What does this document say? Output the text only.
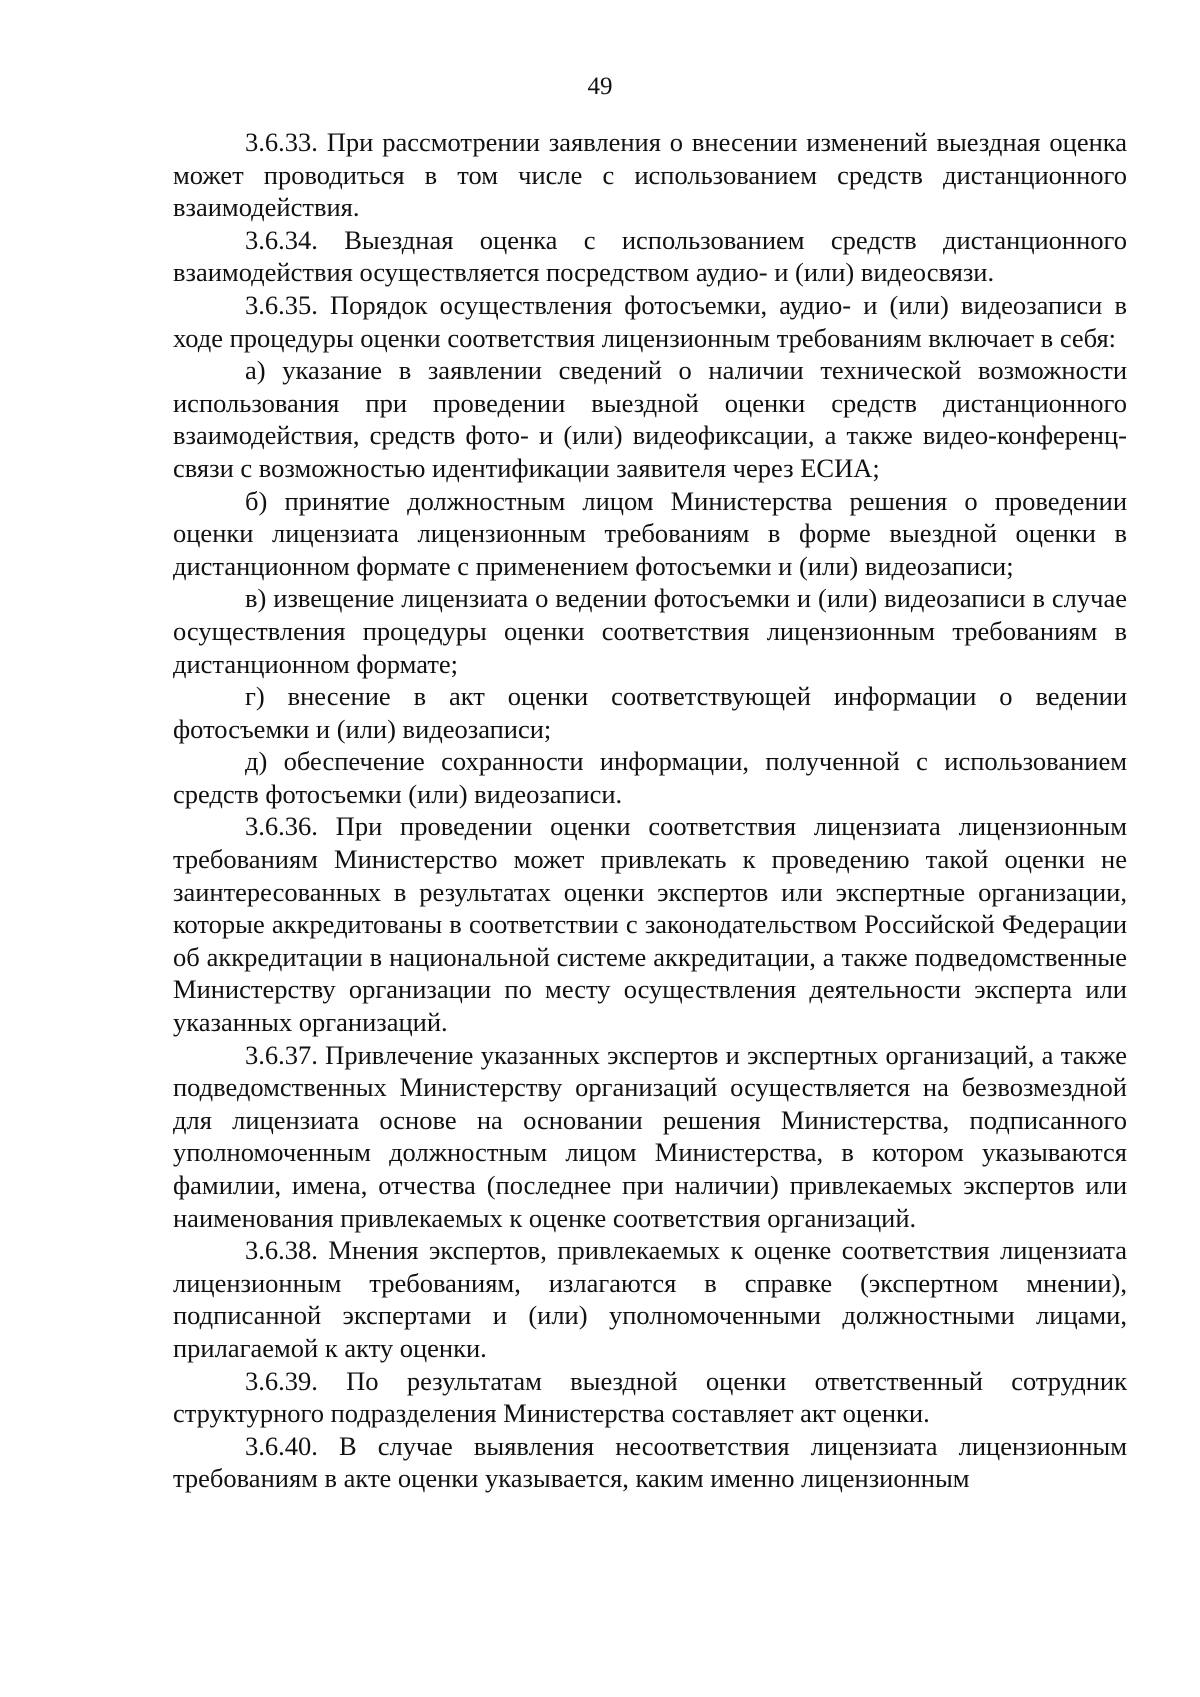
49

3.6.33. При рассмотрении заявления о внесении изменений выездная оценка может проводиться в том числе с использованием средств дистанционного взаимодействия.

3.6.34. Выездная оценка с использованием средств дистанционного взаимодействия осуществляется посредством аудио- и (или) видеосвязи.

3.6.35. Порядок осуществления фотосъемки, аудио- и (или) видеозаписи в ходе процедуры оценки соответствия лицензионным требованиям включает в себя:

а) указание в заявлении сведений о наличии технической возможности использования при проведении выездной оценки средств дистанционного взаимодействия, средств фото- и (или) видеофиксации, а также видео-конференц-связи с возможностью идентификации заявителя через ЕСИА;

б) принятие должностным лицом Министерства решения о проведении оценки лицензиата лицензионным требованиям в форме выездной оценки в дистанционном формате с применением фотосъемки и (или) видеозаписи;

в) извещение лицензиата о ведении фотосъемки и (или) видеозаписи в случае осуществления процедуры оценки соответствия лицензионным требованиям в дистанционном формате;

г) внесение в акт оценки соответствующей информации о ведении фотосъемки и (или) видеозаписи;

д) обеспечение сохранности информации, полученной с использованием средств фотосъемки (или) видеозаписи.

3.6.36. При проведении оценки соответствия лицензиата лицензионным требованиям Министерство может привлекать к проведению такой оценки не заинтересованных в результатах оценки экспертов или экспертные организации, которые аккредитованы в соответствии с законодательством Российской Федерации об аккредитации в национальной системе аккредитации, а также подведомственные Министерству организации по месту осуществления деятельности эксперта или указанных организаций.

3.6.37. Привлечение указанных экспертов и экспертных организаций, а также подведомственных Министерству организаций осуществляется на безвозмездной для лицензиата основе на основании решения Министерства, подписанного уполномоченным должностным лицом Министерства, в котором указываются фамилии, имена, отчества (последнее при наличии) привлекаемых экспертов или наименования привлекаемых к оценке соответствия организаций.

3.6.38. Мнения экспертов, привлекаемых к оценке соответствия лицензиата лицензионным требованиям, излагаются в справке (экспертном мнении), подписанной экспертами и (или) уполномоченными должностными лицами, прилагаемой к акту оценки.

3.6.39. По результатам выездной оценки ответственный сотрудник структурного подразделения Министерства составляет акт оценки.

3.6.40. В случае выявления несоответствия лицензиата лицензионным требованиям в акте оценки указывается, каким именно лицензионным
